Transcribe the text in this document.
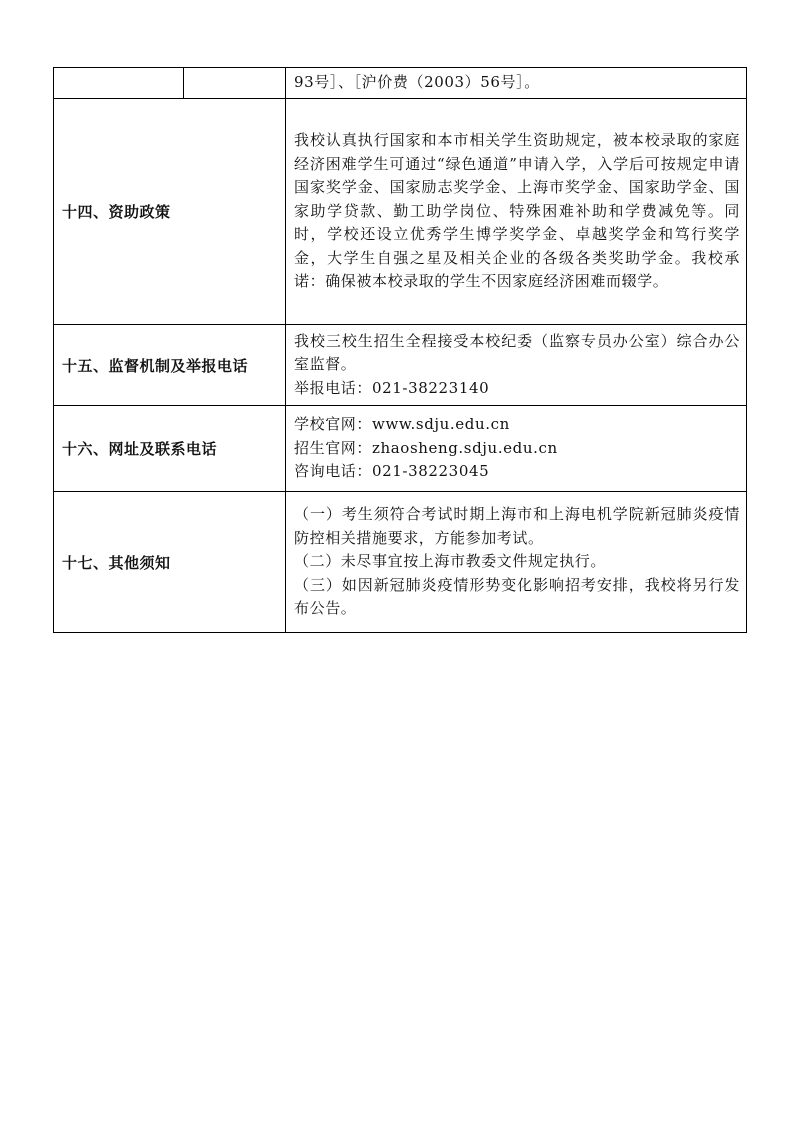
		93号］、［沪价费（2003）56号］。
十四、资助政策		我校认真执行国家和本市相关学生资助规定，被本校录取的家庭经济困难学生可通过“绿色通道”申请入学，入学后可按规定申请国家奖学金、国家励志奖学金、上海市奖学金、国家助学金、国家助学贷款、勤工助学岗位、特殊困难补助和学费减免等。同时，学校还设立优秀学生博学奖学金、卓越奖学金和笃行奖学金，大学生自强之星及相关企业的各级各类奖助学金。我校承诺：确保被本校录取的学生不因家庭经济困难而辍学。
十五、监督机制及举报电话		我校三校生招生全程接受本校纪委（监察专员办公室）综合办公室监督。

举报电话：021-38223140

十六、网址及联系电话		学校官网：www.sdju.edu.cn

招生官网：zhaosheng.sdju.edu.cn

咨询电话：021-38223045

十七、其他须知		（一）考生须符合考试时期上海市和上海电机学院新冠肺炎疫情防控相关措施要求，方能参加考试。

（二）未尽事宜按上海市教委文件规定执行。

（三）如因新冠肺炎疫情形势变化影响招考安排，我校将另行发布公告。
